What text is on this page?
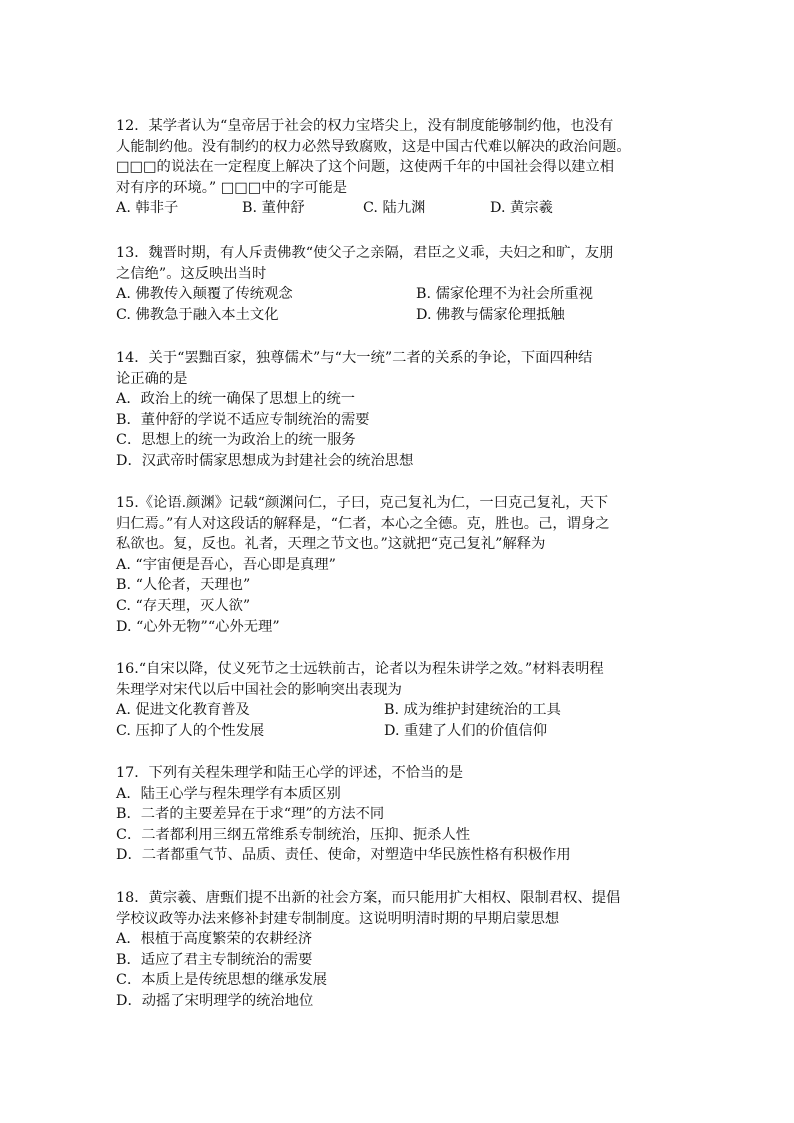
12．某学者认为“皇帝居于社会的权力宝塔尖上，没有制度能够制约他，也没有

人能制约他。没有制约的权力必然导致腐败，这是中国古代难以解决的政治问题。

□□□的说法在一定程度上解决了这个问题，这使两千年的中国社会得以建立相

对有序的环境。” □□□中的字可能是

A. 韩非子	B. 董仲舒	C. 陆九渊	D. 黄宗羲

13．魏晋时期，有人斥责佛教“使父子之亲隔，君臣之义乖，夫妇之和旷，友朋

之信绝”。这反映出当时

A. 佛教传入颠覆了传统观念	B. 儒家伦理不为社会所重视

C. 佛教急于融入本土文化	D. 佛教与儒家伦理抵触

14．关于“罢黜百家，独尊儒术”与“大一统”二者的关系的争论，下面四种结

论正确的是

A．政治上的统一确保了思想上的统一

B．董仲舒的学说不适应专制统治的需要

C．思想上的统一为政治上的统一服务

D．汉武帝时儒家思想成为封建社会的统治思想

15.《论语.颜渊》记载“颜渊问仁，子曰，克己复礼为仁，一曰克己复礼，天下

归仁焉。”有人对这段话的解释是，“仁者，本心之全德。克，胜也。己，谓身之

私欲也。复，反也。礼者，天理之节文也。”这就把“克己复礼”解释为

A. “宇宙便是吾心，吾心即是真理”

B. “人伦者，天理也”

C. “存天理，灭人欲”

D. “心外无物”“心外无理”

16.“自宋以降，仗义死节之士远轶前古，论者以为程朱讲学之效。”材料表明程

朱理学对宋代以后中国社会的影响突出表现为

A. 促进文化教育普及	B. 成为维护封建统治的工具

C. 压抑了人的个性发展	D. 重建了人们的价值信仰

17．下列有关程朱理学和陆王心学的评述，不恰当的是

A．陆王心学与程朱理学有本质区别

B．二者的主要差异在于求“理”的方法不同

C．二者都利用三纲五常维系专制统治，压抑、扼杀人性

D．二者都重气节、品质、责任、使命，对塑造中华民族性格有积极作用

18．黄宗羲、唐甄们提不出新的社会方案，而只能用扩大相权、限制君权、提倡

学校议政等办法来修补封建专制制度。这说明明清时期的早期启蒙思想

A．根植于高度繁荣的农耕经济

B．适应了君主专制统治的需要

C．本质上是传统思想的继承发展

D．动摇了宋明理学的统治地位
